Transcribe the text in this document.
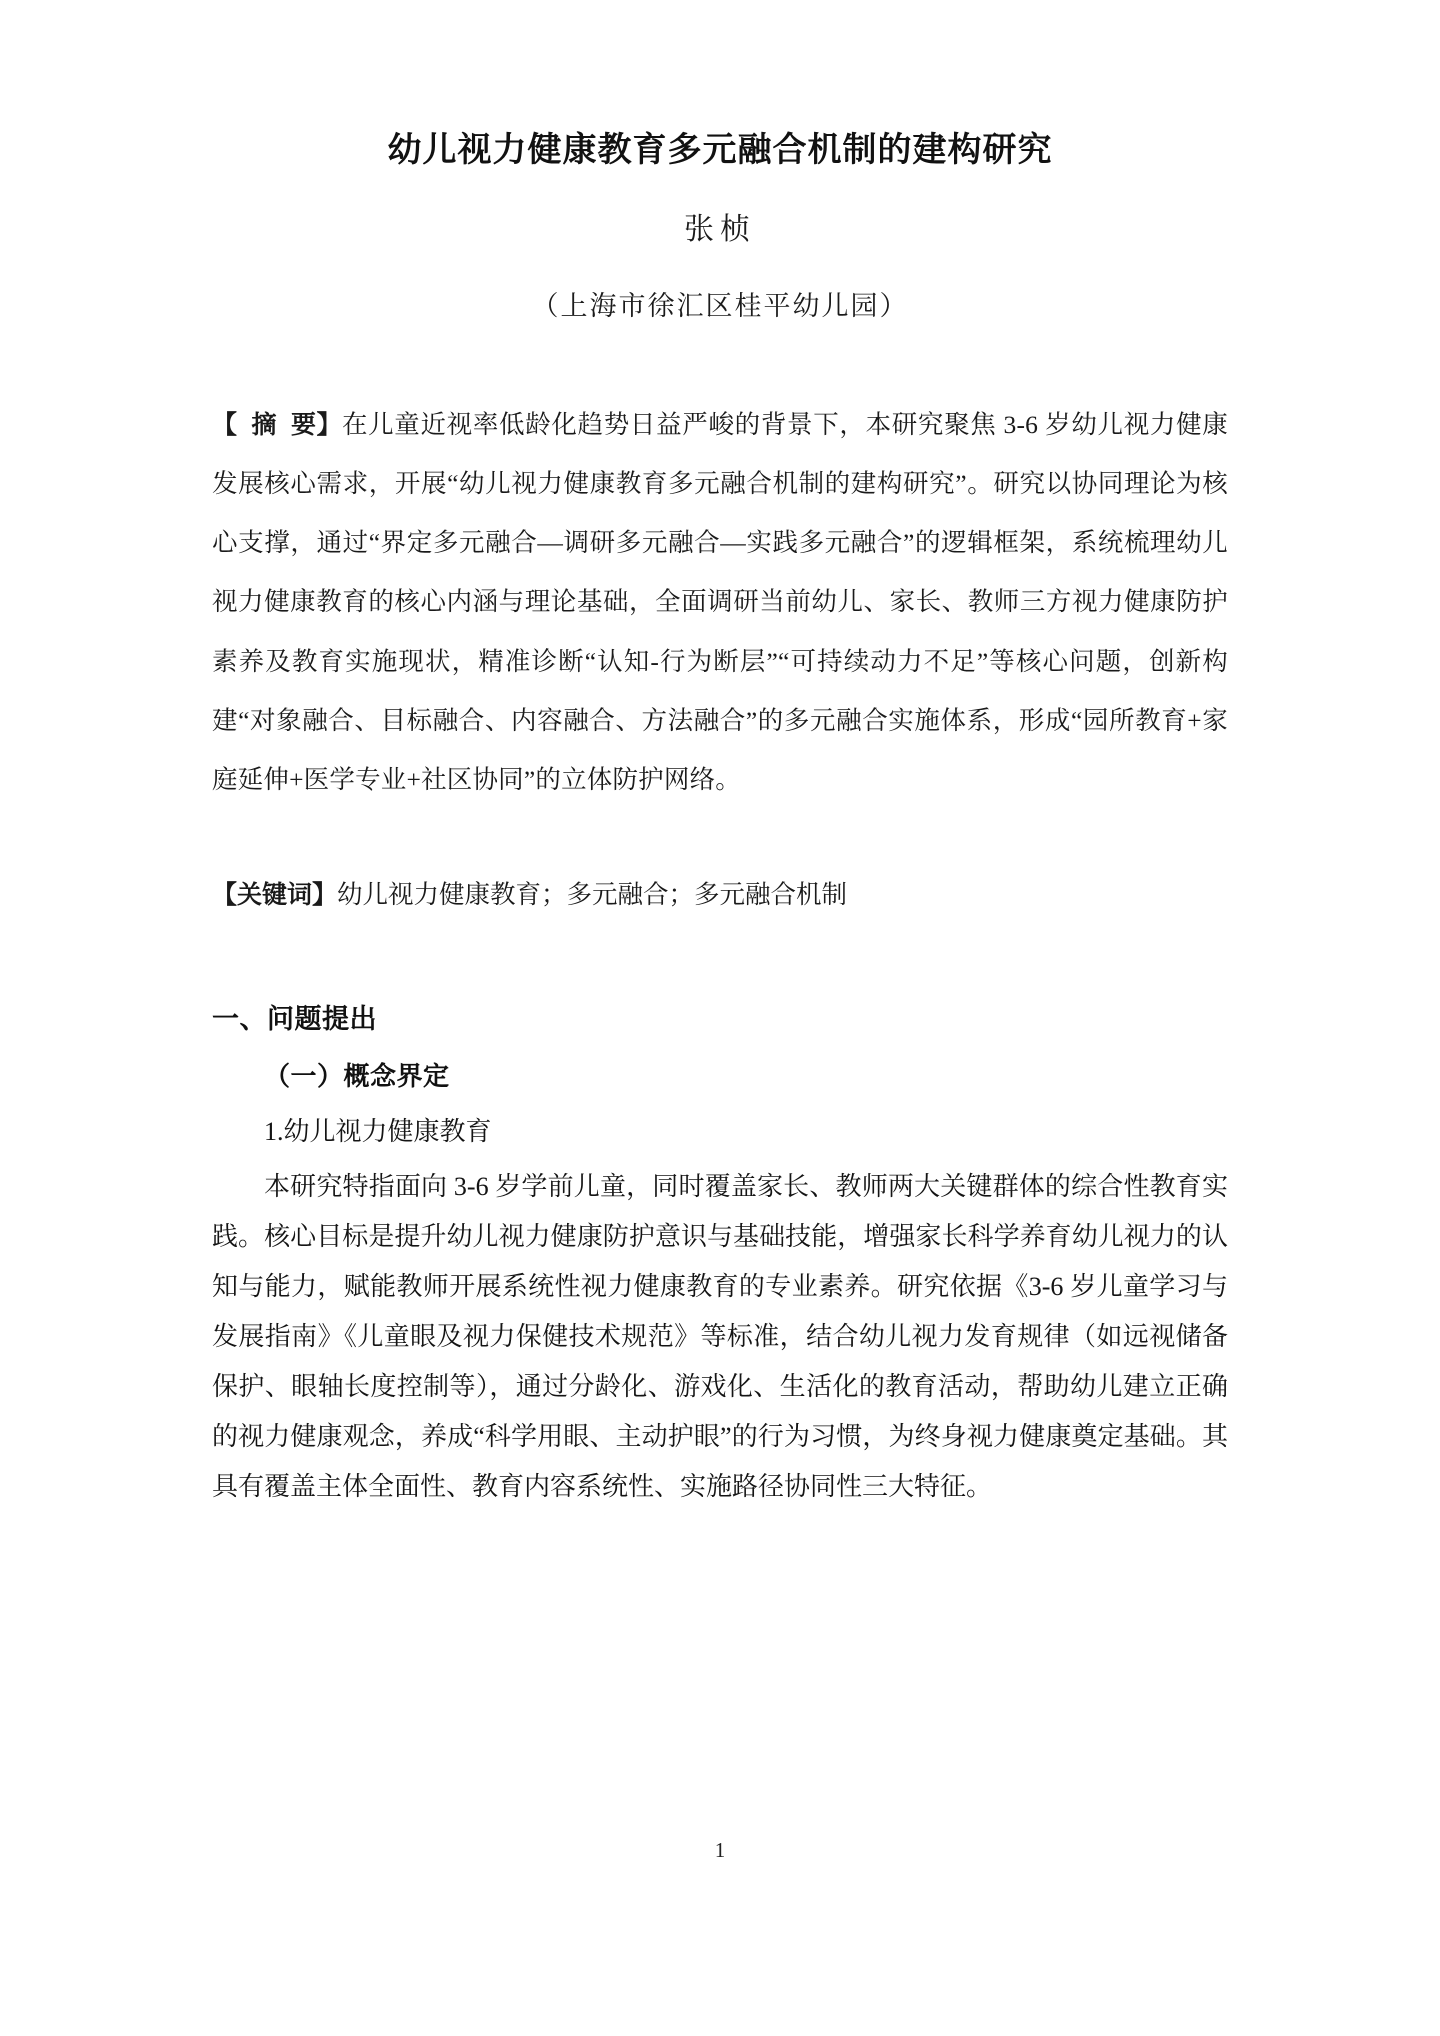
幼儿视力健康教育多元融合机制的建构研究
张桢
（上海市徐汇区桂平幼儿园）
【摘要】在儿童近视率低龄化趋势日益严峻的背景下，本研究聚焦 3-6 岁幼儿视力健康发展核心需求，开展“幼儿视力健康教育多元融合机制的建构研究”。研究以协同理论为核心支撑，通过“界定多元融合—调研多元融合—实践多元融合”的逻辑框架，系统梳理幼儿视力健康教育的核心内涵与理论基础，全面调研当前幼儿、家长、教师三方视力健康防护素养及教育实施现状，精准诊断“认知-行为断层”“可持续动力不足”等核心问题，创新构建“对象融合、目标融合、内容融合、方法融合”的多元融合实施体系，形成“园所教育+家庭延伸+医学专业+社区协同”的立体防护网络。
【关键词】幼儿视力健康教育；多元融合；多元融合机制
一、问题提出
（一）概念界定
1.幼儿视力健康教育

本研究特指面向 3-6 岁学前儿童，同时覆盖家长、教师两大关键群体的综合性教育实践。核心目标是提升幼儿视力健康防护意识与基础技能，增强家长科学养育幼儿视力的认知与能力，赋能教师开展系统性视力健康教育的专业素养。研究依据《3-6 岁儿童学习与发展指南》《儿童眼及视力保健技术规范》等标准，结合幼儿视力发育规律（如远视储备保护、眼轴长度控制等），通过分龄化、游戏化、生活化的教育活动，帮助幼儿建立正确的视力健康观念，养成“科学用眼、主动护眼”的行为习惯，为终身视力健康奠定基础。其具有覆盖主体全面性、教育内容系统性、实施路径协同性三大特征。

1
